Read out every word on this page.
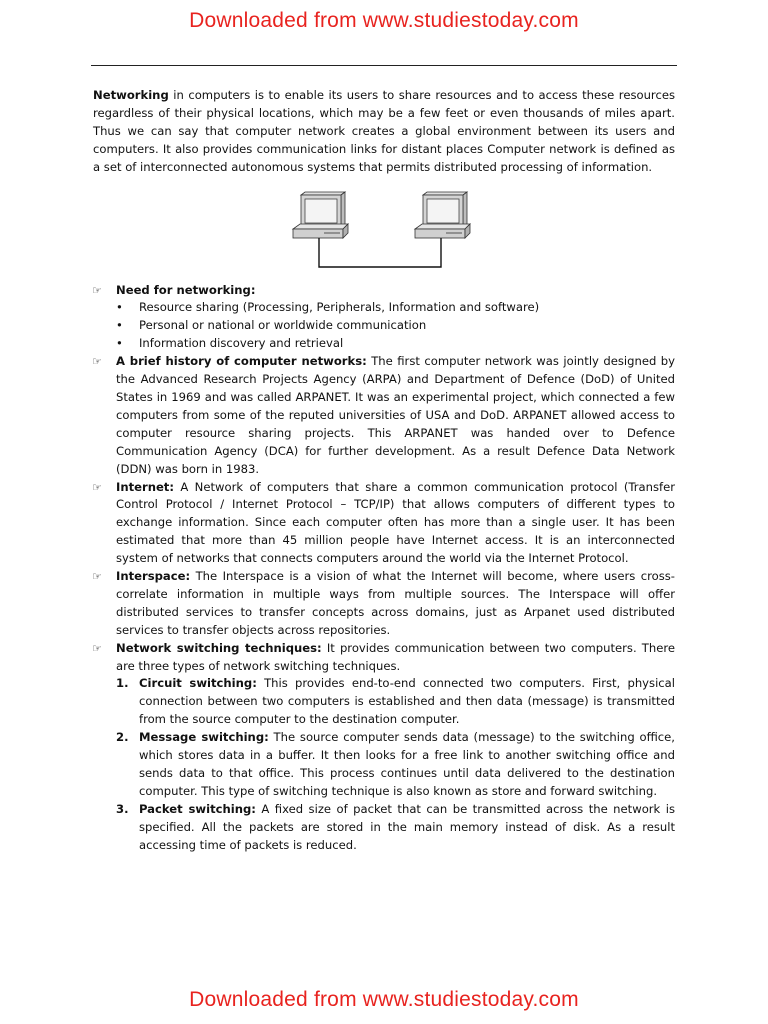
Downloaded from www.studiestoday.com

Networking in computers is to enable its users to share resources and to access these resources regardless of their physical locations, which may be a few feet or even thousands of miles apart. Thus we can say that computer network creates a global environment between its users and computers. It also provides communication links for distant places Computer network is defined as a set of interconnected autonomous systems that permits distributed processing of information.

☞ Need for networking:
• Resource sharing (Processing, Peripherals, Information and software)
• Personal or national or worldwide communication
• Information discovery and retrieval
☞ A brief history of computer networks: The first computer network was jointly designed by the Advanced Research Projects Agency (ARPA) and Department of Defence (DoD) of United States in 1969 and was called ARPANET. It was an experimental project, which connected a few computers from some of the reputed universities of USA and DoD. ARPANET allowed access to computer resource sharing projects. This ARPANET was handed over to Defence Communication Agency (DCA) for further development. As a result Defence Data Network (DDN) was born in 1983.
☞ Internet: A Network of computers that share a common communication protocol (Transfer Control Protocol / Internet Protocol – TCP/IP) that allows computers of different types to exchange information. Since each computer often has more than a single user. It has been estimated that more than 45 million people have Internet access. It is an interconnected system of networks that connects computers around the world via the Internet Protocol.
☞ Interspace: The Interspace is a vision of what the Internet will become, where users cross-correlate information in multiple ways from multiple sources. The Interspace will offer distributed services to transfer concepts across domains, just as Arpanet used distributed services to transfer objects across repositories.
☞ Network switching techniques: It provides communication between two computers. There are three types of network switching techniques.
1. Circuit switching: This provides end-to-end connected two computers. First, physical connection between two computers is established and then data (message) is transmitted from the source computer to the destination computer.
2. Message switching: The source computer sends data (message) to the switching office, which stores data in a buffer. It then looks for a free link to another switching office and sends data to that office. This process continues until data delivered to the destination computer. This type of switching technique is also known as store and forward switching.
3. Packet switching: A fixed size of packet that can be transmitted across the network is specified. All the packets are stored in the main memory instead of disk. As a result accessing time of packets is reduced.
Downloaded from www.studiestoday.com
